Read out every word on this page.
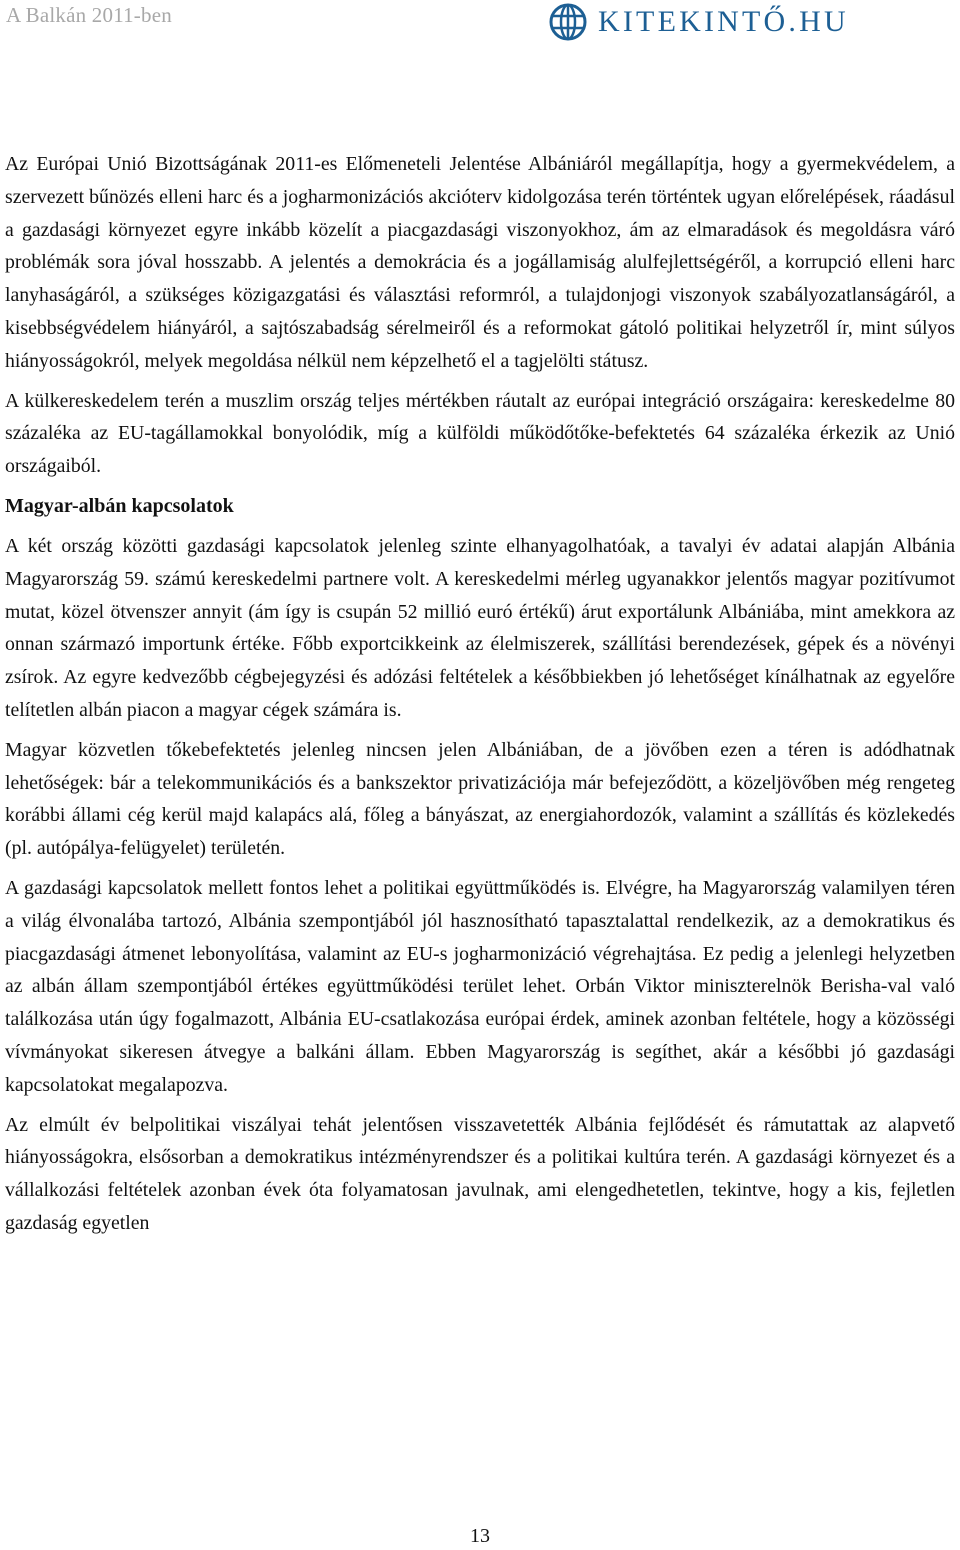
A Balkán 2011-ben	KITEKINTŐ.HU

Az Európai Unió Bizottságának 2011-es Előmeneteli Jelentése Albániáról megállapítja, hogy a gyermekvédelem, a szervezett bűnözés elleni harc és a jogharmonizációs akcióterv kidolgozása terén történtek ugyan előrelépések, ráadásul a gazdasági környezet egyre inkább közelít a piacgazdasági viszonyokhoz, ám az elmaradások és megoldásra váró problémák sora jóval hosszabb. A jelentés a demokrácia és a jogállamiság alulfejlettségéről, a korrupció elleni harc lanyhaságáról, a szükséges közigazgatási és választási reformról, a tulajdonjogi viszonyok szabályozatlanságáról, a kisebbségvédelem hiányáról, a sajtószabadság sérelmeiről és a reformokat gátoló politikai helyzetről ír, mint súlyos hiányosságokról, melyek megoldása nélkül nem képzelhető el a tagjelölti státusz.

A külkereskedelem terén a muszlim ország teljes mértékben ráutalt az európai integráció országaira: kereskedelme 80 százaléka az EU-tagállamokkal bonyolódik, míg a külföldi működőtőke-befektetés 64 százaléka érkezik az Unió országaiból.

Magyar-albán kapcsolatok

A két ország közötti gazdasági kapcsolatok jelenleg szinte elhanyagolhatóak, a tavalyi év adatai alapján Albánia Magyarország 59. számú kereskedelmi partnere volt. A kereskedelmi mérleg ugyanakkor jelentős magyar pozitívumot mutat, közel ötvenszer annyit (ám így is csupán 52 millió euró értékű) árut exportálunk Albániába, mint amekkora az onnan származó importunk értéke. Főbb exportcikkeink az élelmiszerek, szállítási berendezések, gépek és a növényi zsírok. Az egyre kedvezőbb cégbejegyzési és adózási feltételek a későbbiekben jó lehetőséget kínálhatnak az egyelőre telítetlen albán piacon a magyar cégek számára is.

Magyar közvetlen tőkebefektetés jelenleg nincsen jelen Albániában, de a jövőben ezen a téren is adódhatnak lehetőségek: bár a telekommunikációs és a bankszektor privatizációja már befejeződött, a közeljövőben még rengeteg korábbi állami cég kerül majd kalapács alá, főleg a bányászat, az energiahordozók, valamint a szállítás és közlekedés (pl. autópálya-felügyelet) területén.

A gazdasági kapcsolatok mellett fontos lehet a politikai együttműködés is. Elvégre, ha Magyarország valamilyen téren a világ élvonalába tartozó, Albánia szempontjából jól hasznosítható tapasztalattal rendelkezik, az a demokratikus és piacgazdasági átmenet lebonyolítása, valamint az EU-s jogharmonizáció végrehajtása. Ez pedig a jelenlegi helyzetben az albán állam szempontjából értékes együttműködési terület lehet. Orbán Viktor miniszterelnök Berisha-val való találkozása után úgy fogalmazott, Albánia EU-csatlakozása európai érdek, aminek azonban feltétele, hogy a közösségi vívmányokat sikeresen átvegye a balkáni állam. Ebben Magyarország is segíthet, akár a későbbi jó gazdasági kapcsolatokat megalapozva.

Az elmúlt év belpolitikai viszályai tehát jelentősen visszavetették Albánia fejlődését és rámutattak az alapvető hiányosságokra, elsősorban a demokratikus intézményrendszer és a politikai kultúra terén. A gazdasági környezet és a vállalkozási feltételek azonban évek óta folyamatosan javulnak, ami elengedhetetlen, tekintve, hogy a kis, fejletlen gazdaság egyetlen

13
